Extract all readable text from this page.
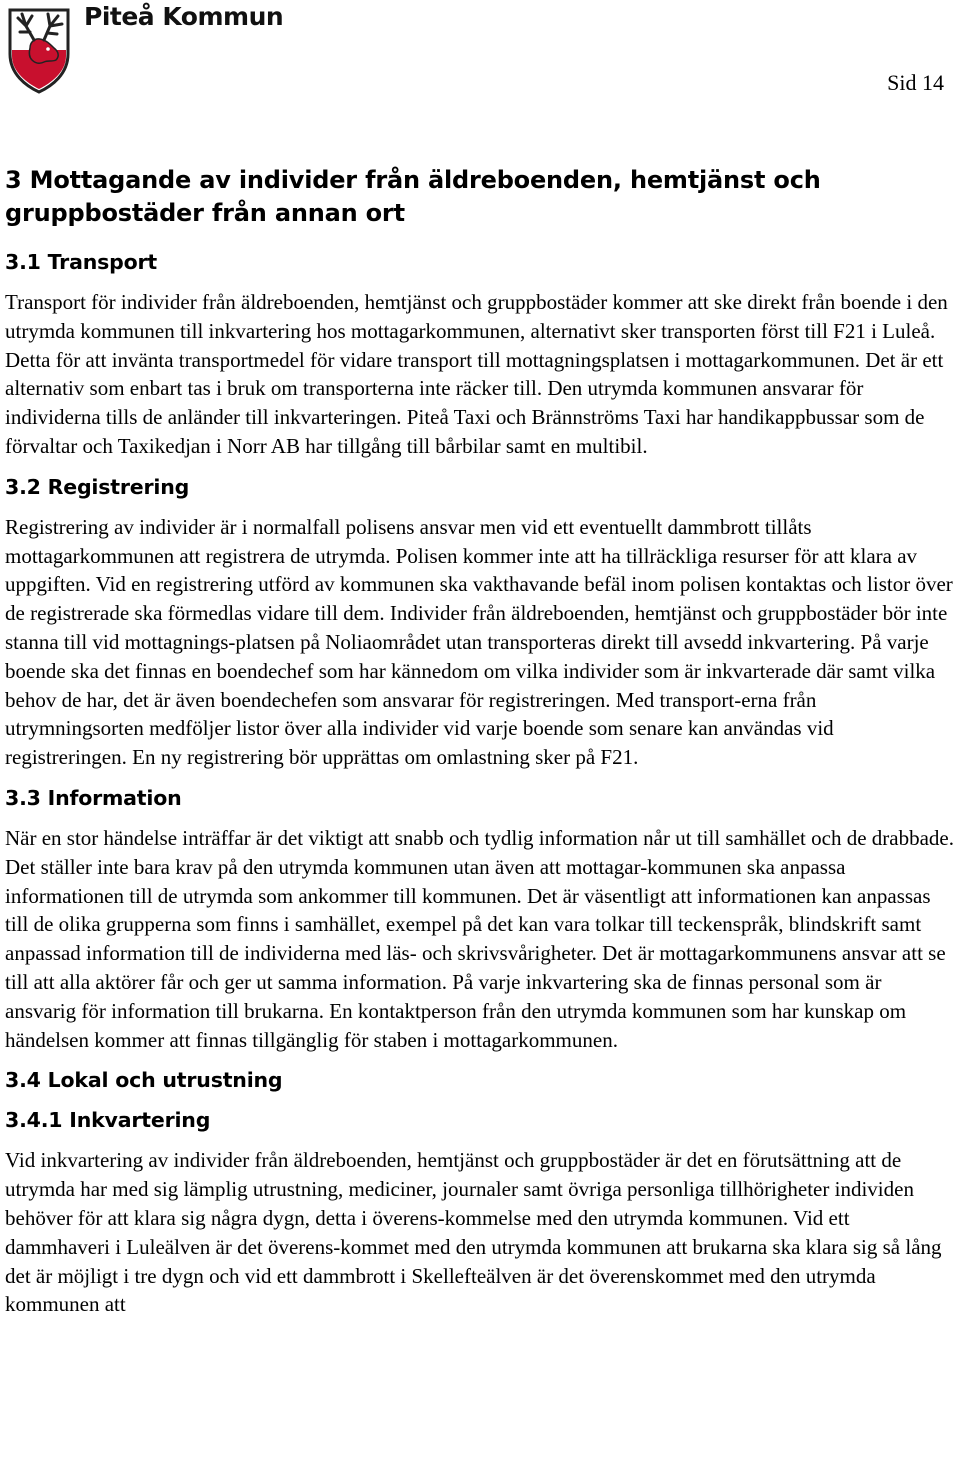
Piteå Kommun
Sid 14
3 Mottagande av individer från äldreboenden, hemtjänst och gruppbostäder från annan ort
3.1 Transport

Transport för individer från äldreboenden, hemtjänst och gruppbostäder kommer att ske direkt från boende i den utrymda kommunen till inkvartering hos mottagarkommunen, alternativt sker transporten först till F21 i Luleå. Detta för att invänta transportmedel för vidare transport till mottagningsplatsen i mottagarkommunen. Det är ett alternativ som enbart tas i bruk om transporterna inte räcker till. Den utrymda kommunen ansvarar för individerna tills de anländer till inkvarteringen. Piteå Taxi och Brännströms Taxi har handikappbussar som de förvaltar och Taxikedjan i Norr AB har tillgång till bårbilar samt en multibil.

3.2 Registrering

Registrering av individer är i normalfall polisens ansvar men vid ett eventuellt dammbrott tillåts mottagarkommunen att registrera de utrymda. Polisen kommer inte att ha tillräckliga resurser för att klara av uppgiften. Vid en registrering utförd av kommunen ska vakthavande befäl inom polisen kontaktas och listor över de registrerade ska förmedlas vidare till dem. Individer från äldreboenden, hemtjänst och gruppbostäder bör inte stanna till vid mottagnings-platsen på Noliaområdet utan transporteras direkt till avsedd inkvartering. På varje boende ska det finnas en boendechef som har kännedom om vilka individer som är inkvarterade där samt vilka behov de har, det är även boendechefen som ansvarar för registreringen. Med transport-erna från utrymningsorten medföljer listor över alla individer vid varje boende som senare kan användas vid registreringen. En ny registrering bör upprättas om omlastning sker på F21.

3.3 Information

När en stor händelse inträffar är det viktigt att snabb och tydlig information når ut till samhället och de drabbade. Det ställer inte bara krav på den utrymda kommunen utan även att mottagar-kommunen ska anpassa informationen till de utrymda som ankommer till kommunen. Det är väsentligt att informationen kan anpassas till de olika grupperna som finns i samhället, exempel på det kan vara tolkar till teckenspråk, blindskrift samt anpassad information till de individerna med läs- och skrivsvårigheter. Det är mottagarkommunens ansvar att se till att alla aktörer får och ger ut samma information. På varje inkvartering ska de finnas personal som är ansvarig för information till brukarna. En kontaktperson från den utrymda kommunen som har kunskap om händelsen kommer att finnas tillgänglig för staben i mottagarkommunen.

3.4 Lokal och utrustning
3.4.1 Inkvartering

Vid inkvartering av individer från äldreboenden, hemtjänst och gruppbostäder är det en förutsättning att de utrymda har med sig lämplig utrustning, mediciner, journaler samt övriga personliga tillhörigheter individen behöver för att klara sig några dygn, detta i överens-kommelse med den utrymda kommunen. Vid ett dammhaveri i Luleälven är det överens-kommet med den utrymda kommunen att brukarna ska klara sig så lång det är möjligt i tre dygn och vid ett dammbrott i Skellefteälven är det överenskommet med den utrymda kommunen att
